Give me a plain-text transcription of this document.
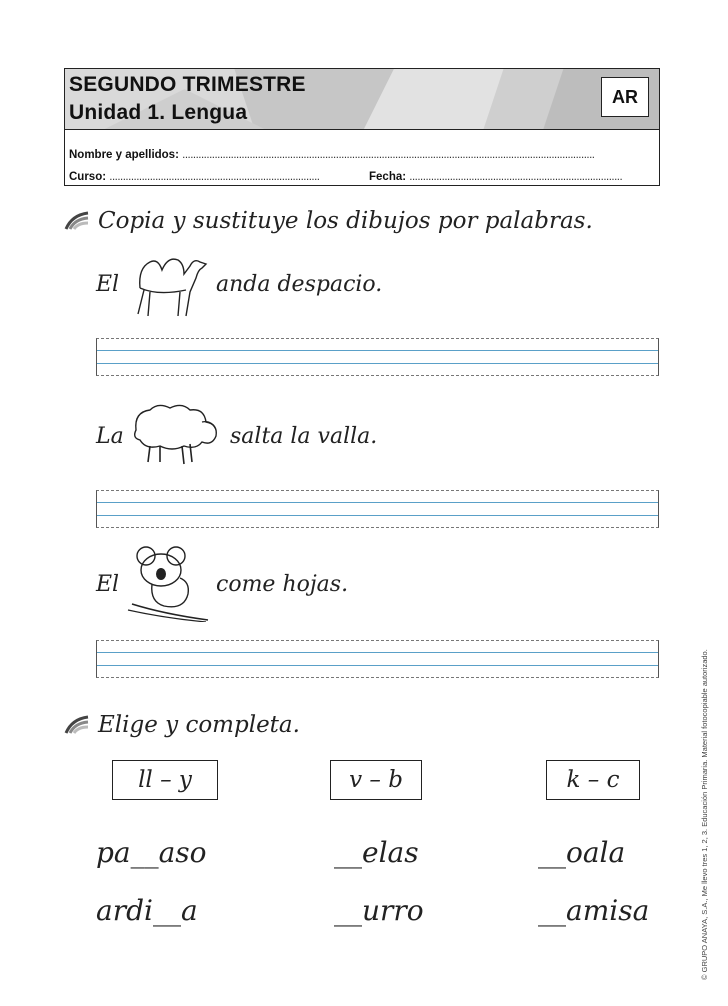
SEGUNDO TRIMESTRE
Unidad 1. Lengua
AR
Nombre y apellidos: .........................................................................................................................................................
Curso: ..............................................................................	Fecha: ...............................................................................
Copia y sustituye los dibujos por palabras.
El	anda despacio.
La	salta la valla.
El	come hojas.
Elige y completa.
ll – y	v – b	k – c
pa__aso	__elas	__oala
ardi__a	__urro	__amisa	© GRUPO ANAYA, S.A., Me llevo tres 1, 2, 3. Educación Primaria. Material fotocopiable autorizado.
